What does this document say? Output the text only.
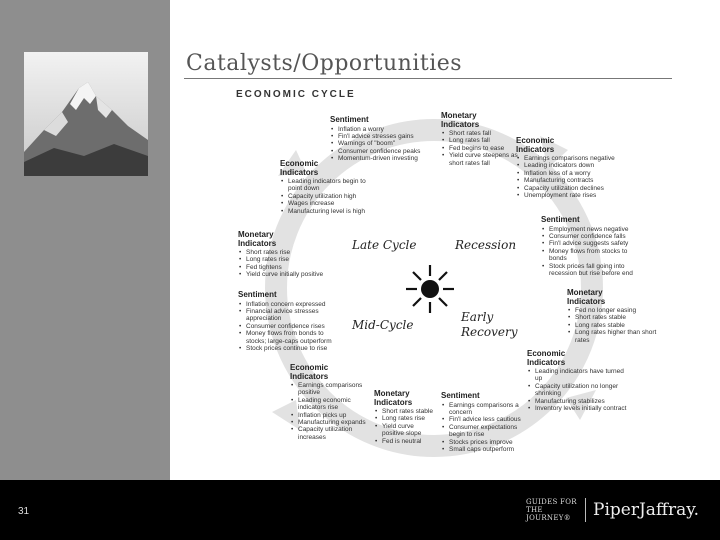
Catalysts/Opportunities
ECONOMIC CYCLE
Late Cycle	Recession
Mid-Cycle
Early
Recovery
Sentiment
• Inflation a worry
• Fin'l advice stresses gains
• Warnings of "boom"
• Consumer confidence peaks
• Momentum-driven investing
Economic
Indicators
• Leading indicators begin to point down
• Capacity utilization high
• Wages increase
• Manufacturing level is high
Monetary
Indicators
• Short rates rise
• Long rates rise
• Fed tightens
• Yield curve initially positive
Monetary
Indicators
• Short rates fall
• Long rates fall
• Fed begins to ease
• Yield curve steepens as short rates fall
Economic
Indicators
• Earnings comparisons negative
• Leading indicators down
• Inflation less of a worry
• Manufacturing contracts
• Capacity utilization declines
• Unemployment rate rises
Sentiment
• Employment news negative
• Consumer confidence falls
• Fin'l advice suggests safety
• Money flows from stocks to bonds
• Stock prices fall going into recession but rise before end
Monetary
Indicators
• Fed no longer easing
• Short rates stable
• Long rates stable
• Long rates higher than short rates
Economic
Indicators
• Leading indicators have turned up
• Capacity utilization no longer shrinking
• Manufacturing stabilizes
• Inventory levels initially contract
Sentiment
• Earnings comparisons a concern
• Fin'l advice less cautious
• Consumer expectations begin to rise
• Stocks prices improve
• Small caps outperform
Monetary
Indicators
• Short rates stable
• Long rates rise
• Yield curve positive slope
• Fed is neutral
Economic
Indicators
• Earnings comparisons positive
• Leading economic indicators rise
• Inflation picks up
• Manufacturing expands
• Capacity utilization increases
Sentiment
• Inflation concern expressed
• Financial advice stresses appreciation
• Consumer confidence rises
• Money flows from bonds to stocks; large-caps outperform
• Stock prices continue to rise
31
GUIDES FOR
THE JOURNEY®	PiperJaffray.
